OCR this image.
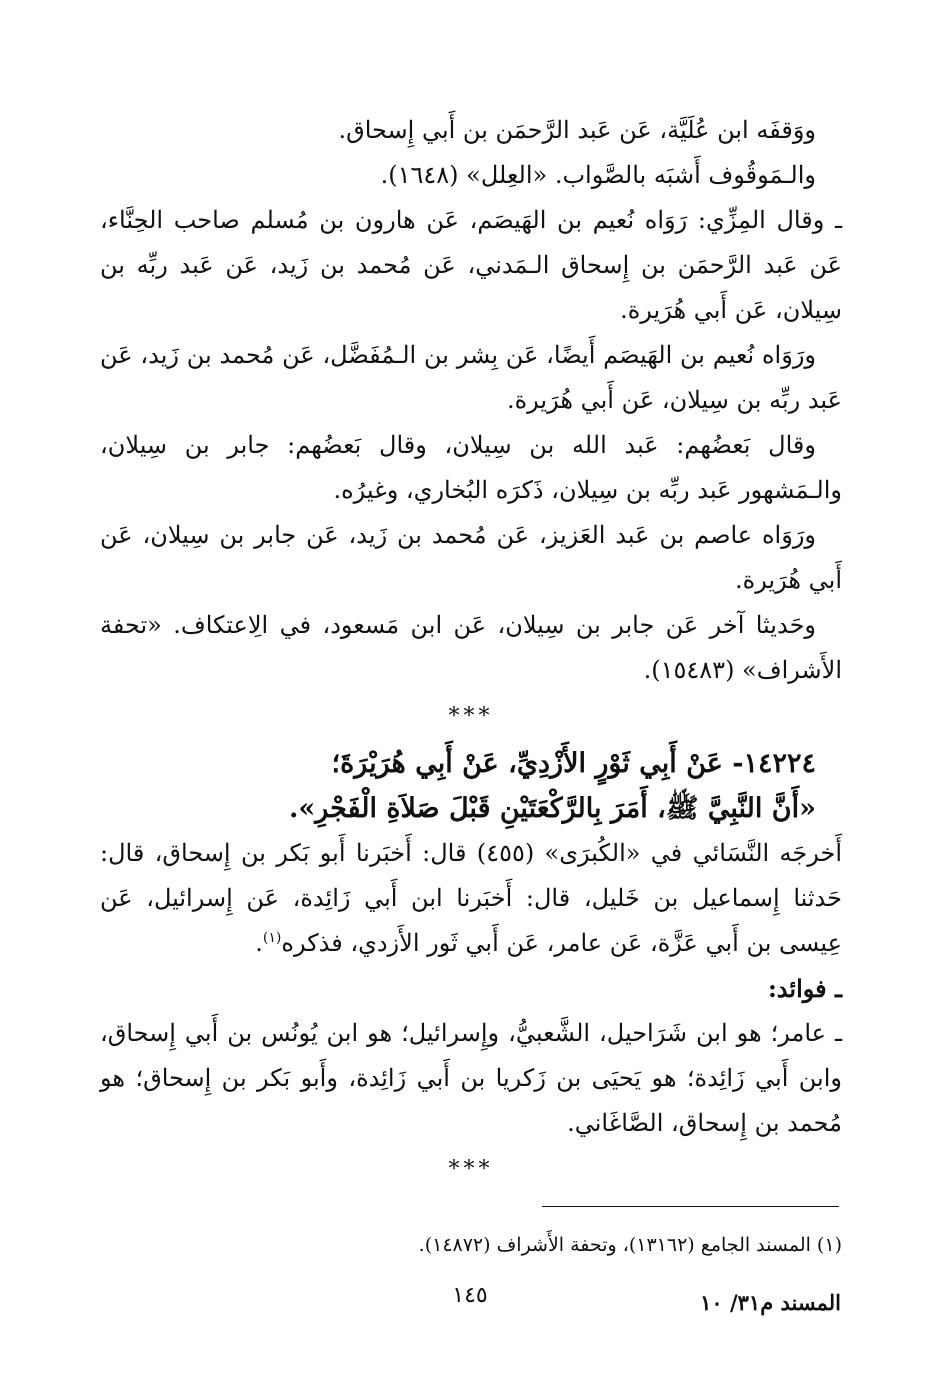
ووَقفَه ابن عُلَيَّة، عَن عَبد الرَّحمَن بن أَبي إِسحاق.

والـمَوقُوف أَشبَه بالصَّواب. «العِلل» (١٦٤٨).

ـ وقال المِزِّي: رَوَاه نُعيم بن الهَيصَم، عَن هارون بن مُسلم صاحب الحِنَّاء، عَن عَبد الرَّحمَن بن إِسحاق الـمَدني، عَن مُحمد بن زَيد، عَن عَبد ربِّه بن سِيلان، عَن أَبي هُرَيرة.

ورَوَاه نُعيم بن الهَيصَم أَيضًا، عَن بِشر بن الـمُفَضَّل، عَن مُحمد بن زَيد، عَن عَبد ربِّه بن سِيلان، عَن أَبي هُرَيرة.

وقال بَعضُهم: عَبد الله بن سِيلان، وقال بَعضُهم: جابر بن سِيلان، والـمَشهور عَبد ربِّه بن سِيلان، ذَكرَه البُخاري، وغيرُه.

ورَوَاه عاصم بن عَبد العَزيز، عَن مُحمد بن زَيد، عَن جابر بن سِيلان، عَن أَبي هُرَيرة.

وحَديثا آخر عَن جابر بن سِيلان، عَن ابن مَسعود، في الِاعتكاف. «تحفة الأَشراف» (١٥٤٨٣).

***

١٤٢٢٤- عَنْ أَبِي ثَوْرٍ الأَزْدِيِّ، عَنْ أَبِي هُرَيْرَةَ؛

«أَنَّ النَّبِيَّ ﷺ، أَمَرَ بِالرَّكْعَتَيْنِ قَبْلَ صَلاَةِ الْفَجْرِ».

أَخرجَه النَّسَائي في «الكُبرَى» (٤٥٥) قال: أَخبَرنا أَبو بَكر بن إِسحاق، قال: حَدثنا إِسماعيل بن خَليل، قال: أَخبَرنا ابن أَبي زَائِدة، عَن إِسرائيل، عَن عِيسى بن أَبي عَزَّة، عَن عامر، عَن أَبي ثَور الأَزدي، فذكره$^{(١)}$.

ـ فوائد:

ـ عامر؛ هو ابن شَرَاحيل، الشَّعبيُّ، وإِسرائيل؛ هو ابن يُونُس بن أَبي إِسحاق، وابن أَبي زَائِدة؛ هو يَحيَى بن زَكريا بن أَبي زَائِدة، وأَبو بَكر بن إِسحاق؛ هو مُحمد بن إِسحاق، الصَّاغَاني.

***
(١) المسند الجامع (١٣١٦٢)، وتحفة الأَشراف (١٤٨٧٢).
١٤٥	المسند م٣١/ ١٠
